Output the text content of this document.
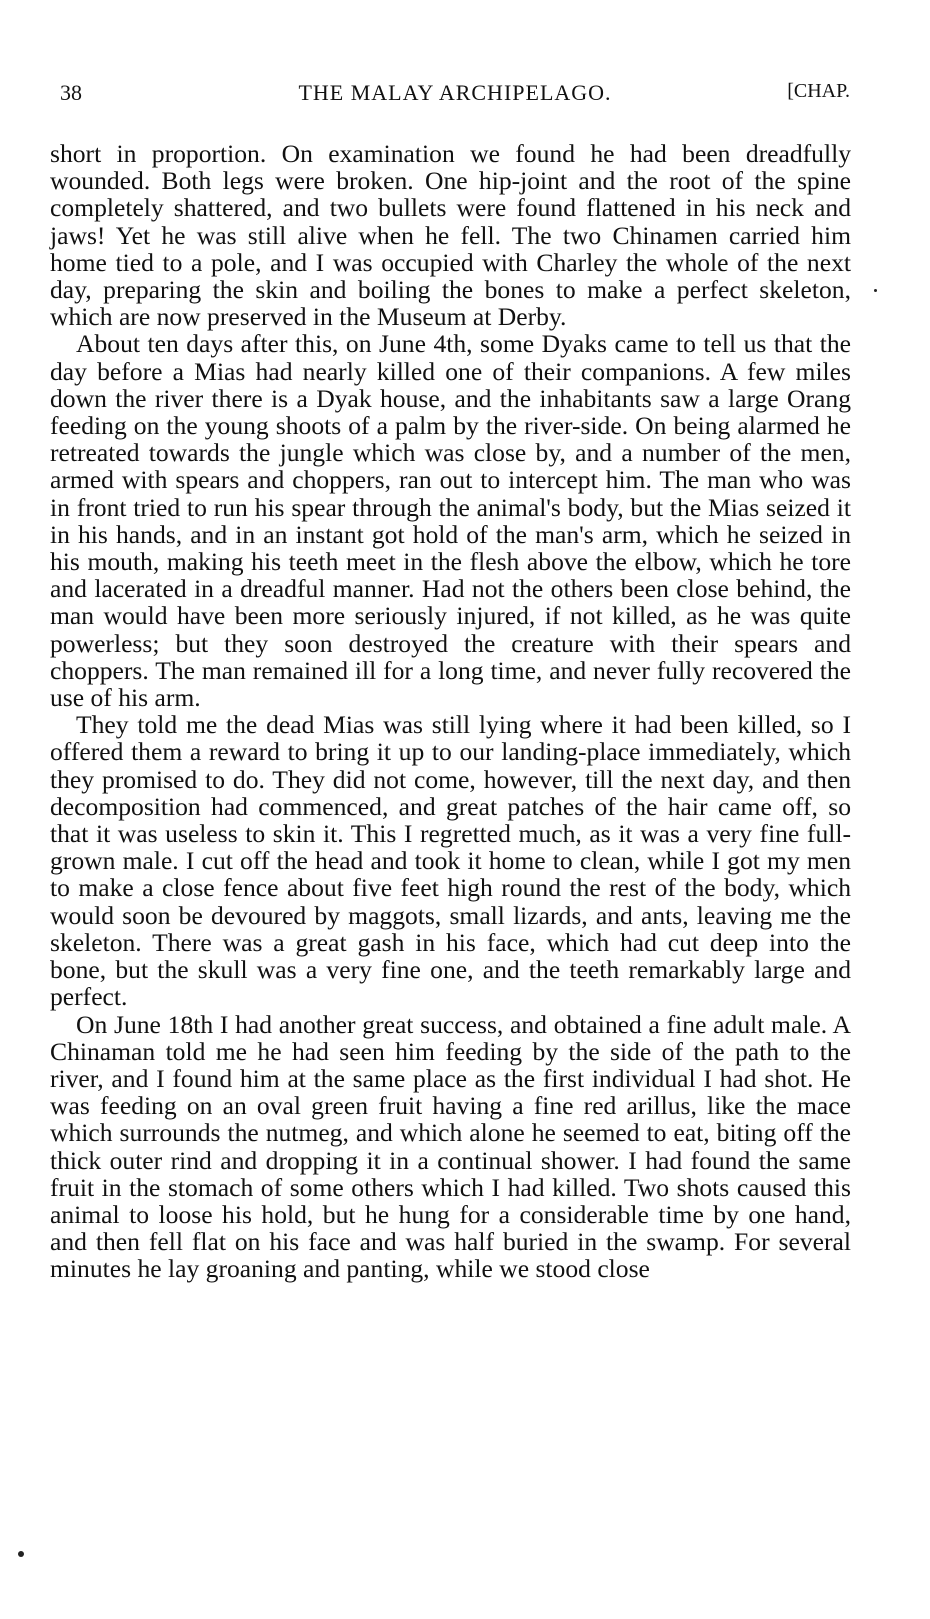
38	THE MALAY ARCHIPELAGO.	[CHAP.

short in proportion. On examination we found he had been dreadfully wounded. Both legs were broken. One hip-joint and the root of the spine completely shattered, and two bullets were found flattened in his neck and jaws! Yet he was still alive when he fell. The two Chinamen carried him home tied to a pole, and I was occupied with Charley the whole of the next day, preparing the skin and boiling the bones to make a perfect skeleton, which are now preserved in the Museum at Derby.

About ten days after this, on June 4th, some Dyaks came to tell us that the day before a Mias had nearly killed one of their companions. A few miles down the river there is a Dyak house, and the inhabitants saw a large Orang feeding on the young shoots of a palm by the river-side. On being alarmed he retreated towards the jungle which was close by, and a number of the men, armed with spears and choppers, ran out to intercept him. The man who was in front tried to run his spear through the animal's body, but the Mias seized it in his hands, and in an instant got hold of the man's arm, which he seized in his mouth, making his teeth meet in the flesh above the elbow, which he tore and lacerated in a dreadful manner. Had not the others been close behind, the man would have been more seriously injured, if not killed, as he was quite powerless; but they soon destroyed the creature with their spears and choppers. The man remained ill for a long time, and never fully recovered the use of his arm.

They told me the dead Mias was still lying where it had been killed, so I offered them a reward to bring it up to our landing-place immediately, which they promised to do. They did not come, however, till the next day, and then decomposition had commenced, and great patches of the hair came off, so that it was useless to skin it. This I regretted much, as it was a very fine full-grown male. I cut off the head and took it home to clean, while I got my men to make a close fence about five feet high round the rest of the body, which would soon be devoured by maggots, small lizards, and ants, leaving me the skeleton. There was a great gash in his face, which had cut deep into the bone, but the skull was a very fine one, and the teeth remarkably large and perfect.

On June 18th I had another great success, and obtained a fine adult male. A Chinaman told me he had seen him feeding by the side of the path to the river, and I found him at the same place as the first individual I had shot. He was feeding on an oval green fruit having a fine red arillus, like the mace which surrounds the nutmeg, and which alone he seemed to eat, biting off the thick outer rind and dropping it in a continual shower. I had found the same fruit in the stomach of some others which I had killed. Two shots caused this animal to loose his hold, but he hung for a considerable time by one hand, and then fell flat on his face and was half buried in the swamp. For several minutes he lay groaning and panting, while we stood close
